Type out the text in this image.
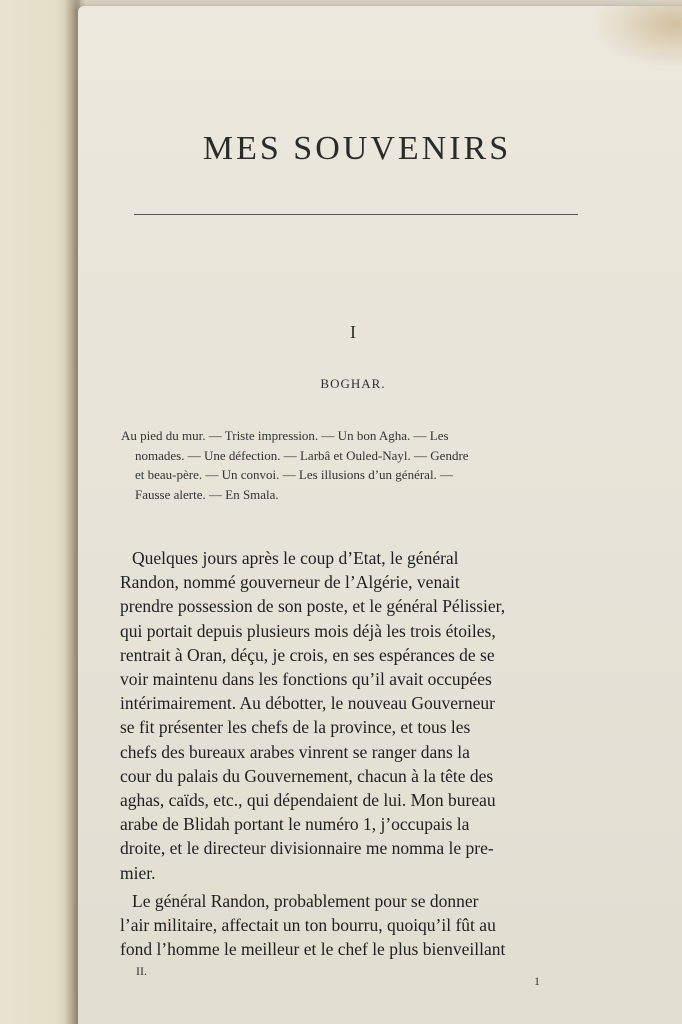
MES SOUVENIRS
I
BOGHAR.
Au pied du mur. — Triste impression. — Un bon Agha. — Les
nomades. — Une défection. — Larbâ et Ouled-Nayl. — Gendre
et beau-père. — Un convoi. — Les illusions d’un général. —
Fausse alerte. — En Smala.
Quelques jours après le coup d’Etat, le général
Randon, nommé gouverneur de l’Algérie, venait
prendre possession de son poste, et le général Pélissier,
qui portait depuis plusieurs mois déjà les trois étoiles,
rentrait à Oran, déçu, je crois, en ses espérances de se
voir maintenu dans les fonctions qu’il avait occupées
intérimairement. Au débotter, le nouveau Gouverneur
se fit présenter les chefs de la province, et tous les
chefs des bureaux arabes vinrent se ranger dans la
cour du palais du Gouvernement, chacun à la tête des
aghas, caïds, etc., qui dépendaient de lui. Mon bureau
arabe de Blidah portant le numéro 1, j’occupais la
droite, et le directeur divisionnaire me nomma le pre-
mier.
Le général Randon, probablement pour se donner
l’air militaire, affectait un ton bourru, quoiqu’il fût au
fond l’homme le meilleur et le chef le plus bienveillant
II.
1
